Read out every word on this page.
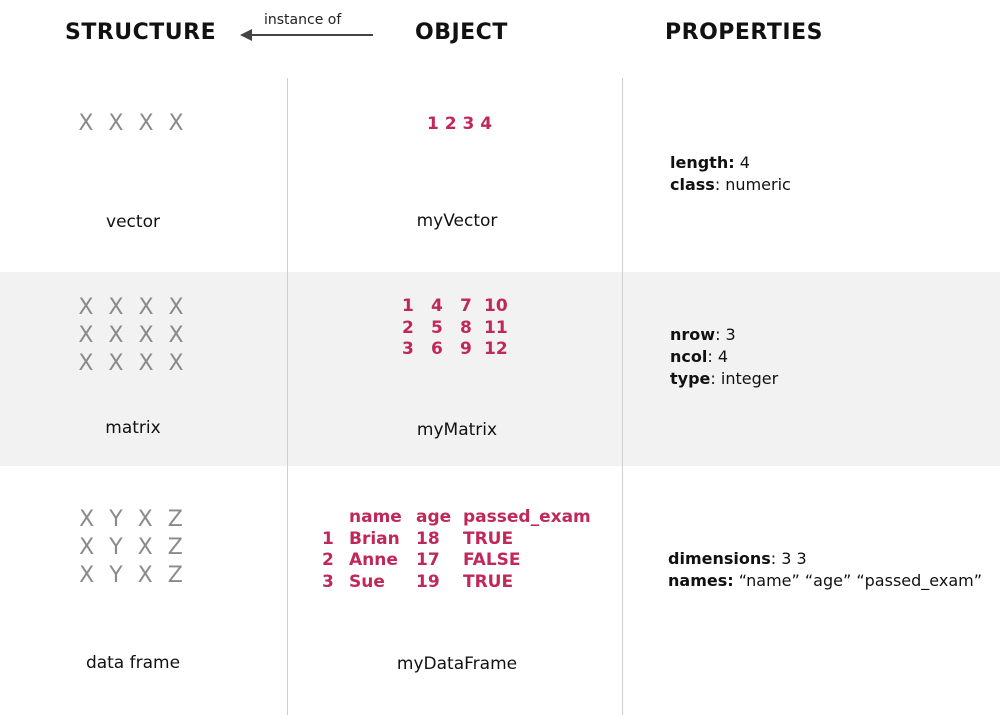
STRUCTURE	OBJECT	PROPERTIES
instance of
X X X X
vector
1 2 3 4
myVector
length: 4
class: numeric
X X X X
X X X X
X X X X
matrix
1	4	7	10
2	5	8	11
3	6	9	12
myMatrix
nrow: 3
ncol: 4
type: integer
X Y X Z
X Y X Z
X Y X Z
data frame
	name	age	passed_exam
1	Brian	18	TRUE
2	Anne	17	FALSE
3	Sue	19	TRUE
myDataFrame
dimensions: 3 3
names: “name” “age” “passed_exam”
